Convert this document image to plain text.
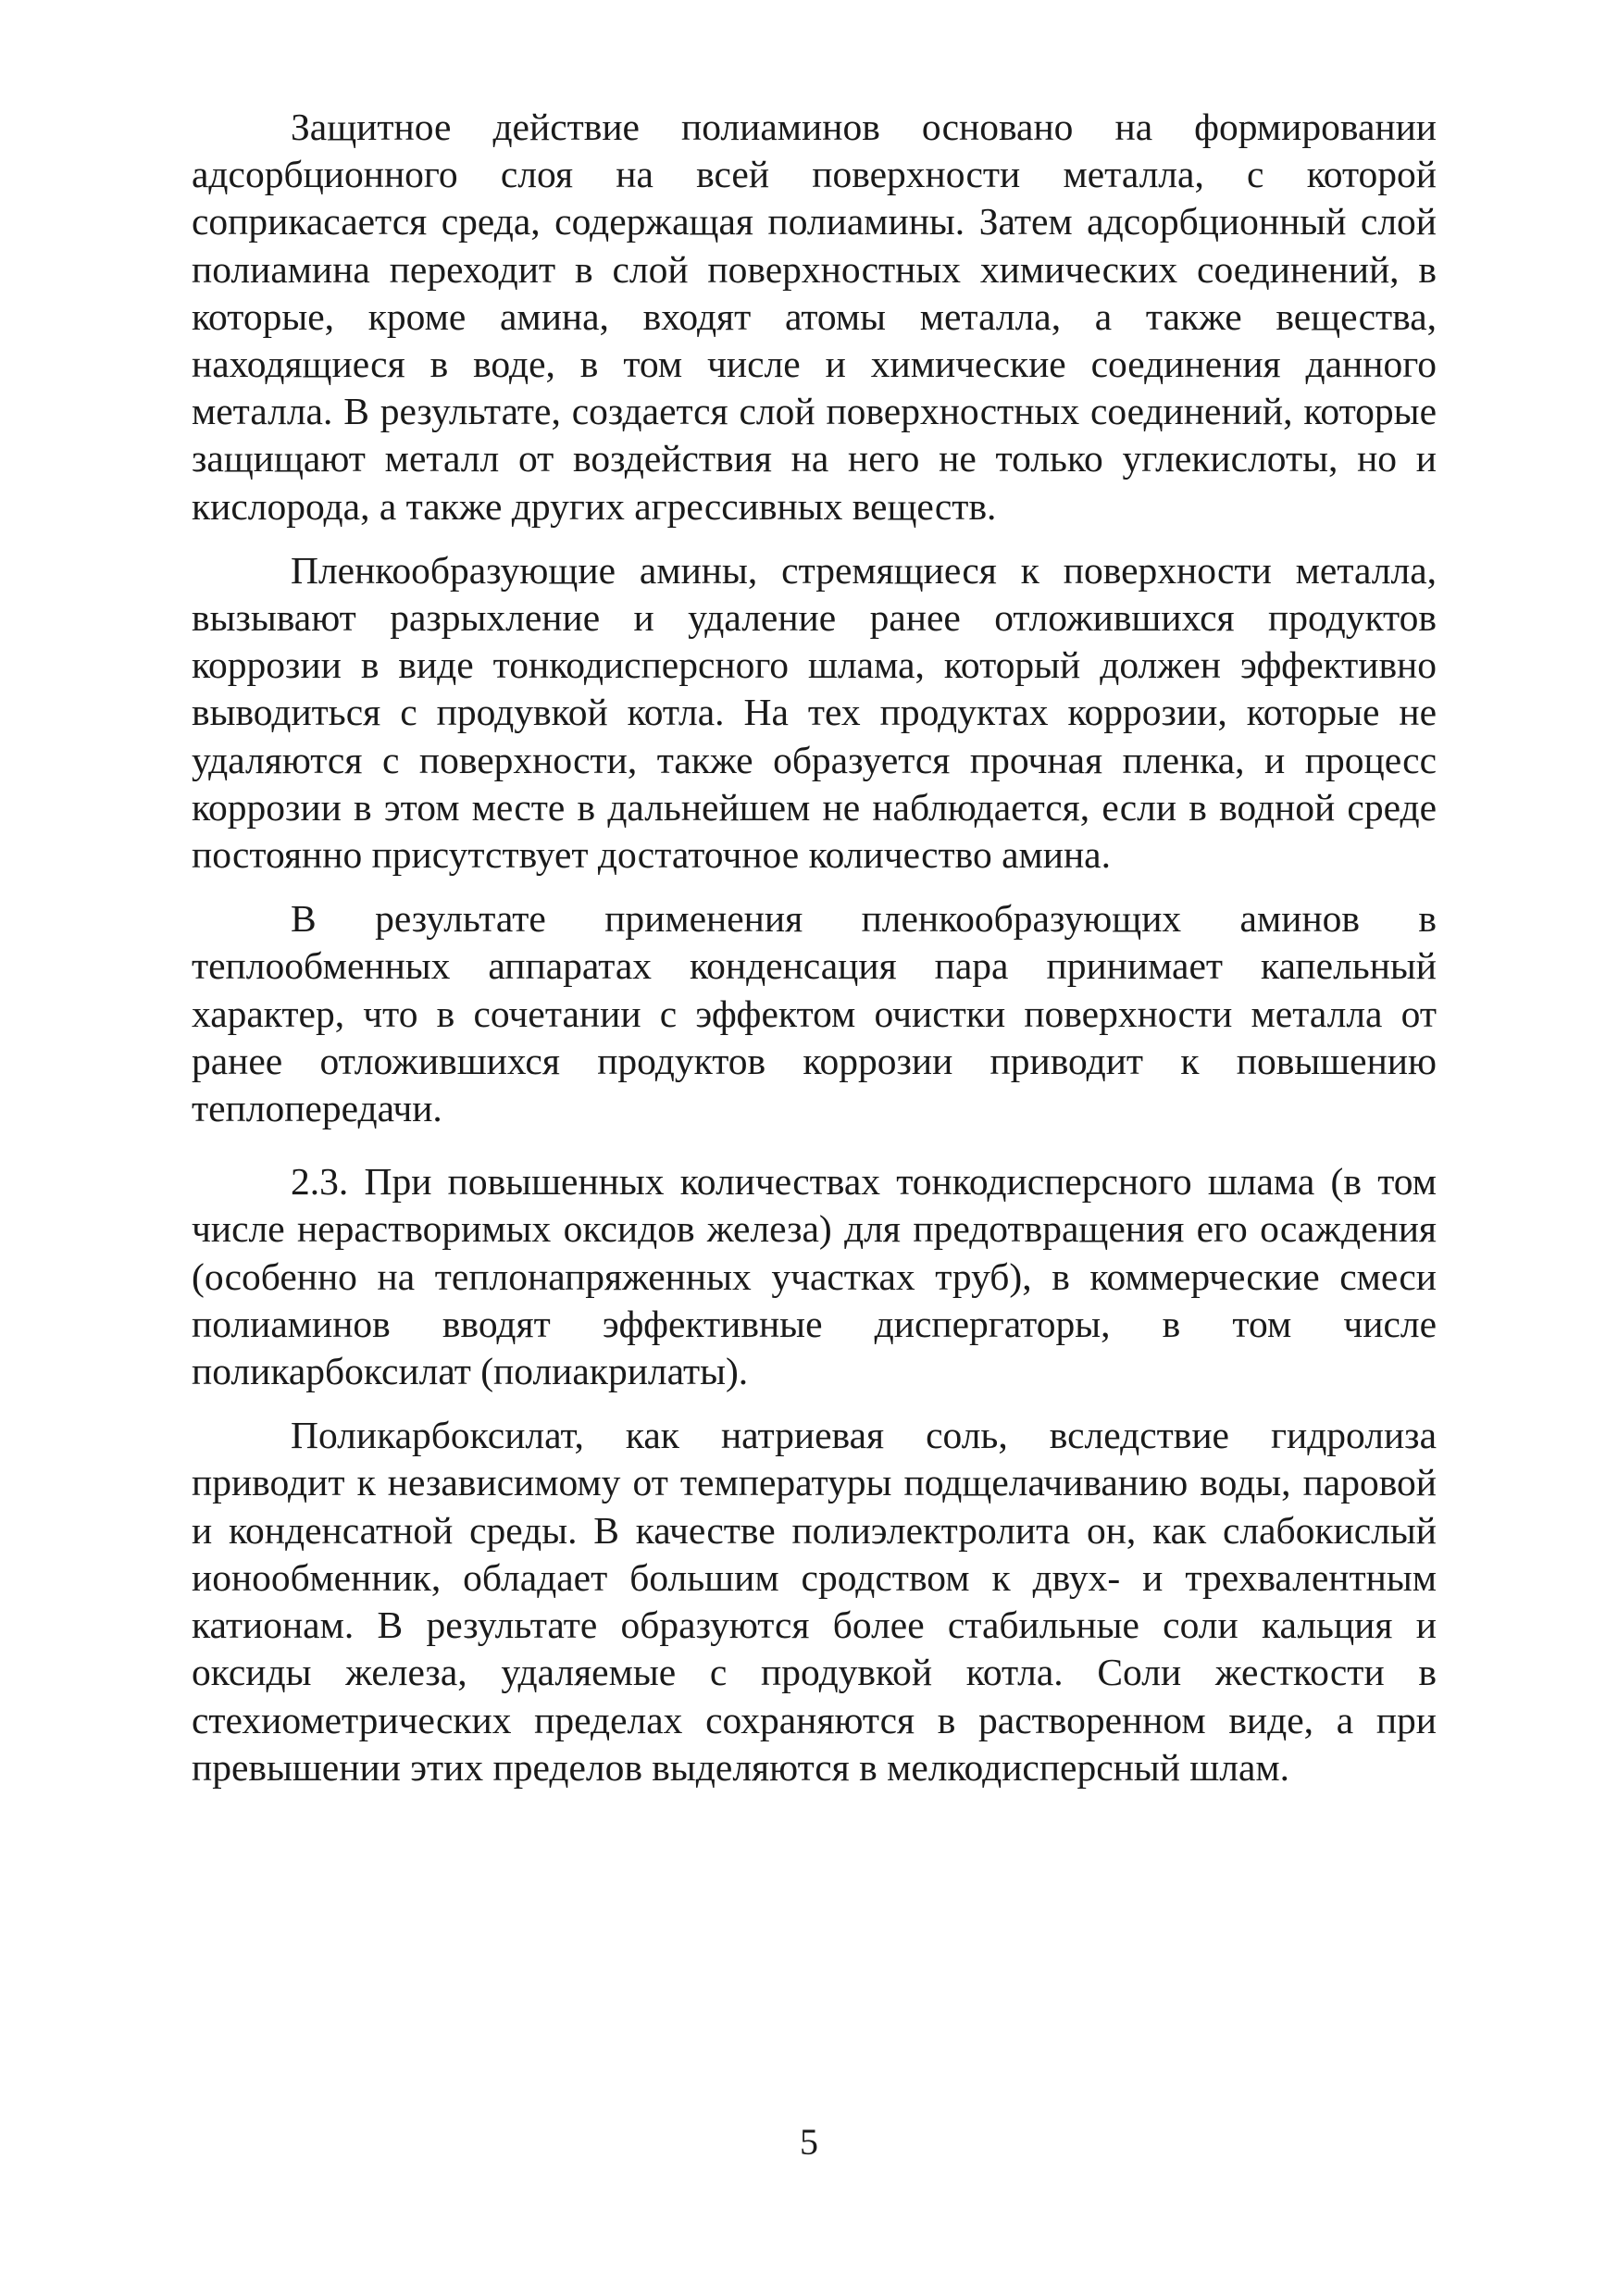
Защитное действие полиаминов основано на формировании адсорбционного слоя на всей поверхности металла, с которой соприкасается среда, содержащая полиамины. Затем адсорбционный слой полиамина переходит в слой поверхностных химических соединений, в которые, кроме амина, входят атомы металла, а также вещества, находящиеся в воде, в том числе и химические соединения данного металла. В результате, создается слой поверхностных соединений, которые защищают металл от воздействия на него не только углекислоты, но и кислорода, а также других агрессивных веществ.

Пленкообразующие амины, стремящиеся к поверхности металла, вызывают разрыхление и удаление ранее отложившихся продуктов коррозии в виде тонкодисперсного шлама, который должен эффективно выводиться с продувкой котла. На тех продуктах коррозии, которые не удаляются с поверхности, также образуется прочная пленка, и процесс коррозии в этом месте в дальнейшем не наблюдается, если в водной среде постоянно присутствует достаточное количество амина.

В результате применения пленкообразующих аминов в теплообменных аппаратах конденсация пара принимает капельный характер, что в сочетании с эффектом очистки поверхности металла от ранее отложившихся продуктов коррозии приводит к повышению теплопередачи.

2.3. При повышенных количествах тонкодисперсного шлама (в том числе нерастворимых оксидов железа) для предотвращения его осаждения (особенно на теплонапряженных участках труб), в коммерческие смеси полиаминов вводят эффективные диспергаторы, в том числе поликарбоксилат (полиакрилаты).

Поликарбоксилат, как натриевая соль, вследствие гидролиза приводит к независимому от температуры подщелачиванию воды, паровой и конденсатной среды. В качестве полиэлектролита он, как слабокислый ионообменник, обладает большим сродством к двух- и трехвалентным катионам. В результате образуются более стабильные соли кальция и оксиды железа, удаляемые с продувкой котла. Соли жесткости в стехиометрических пределах сохраняются в растворенном виде, а при превышении этих пределов выделяются в мелкодисперсный шлам.

5
